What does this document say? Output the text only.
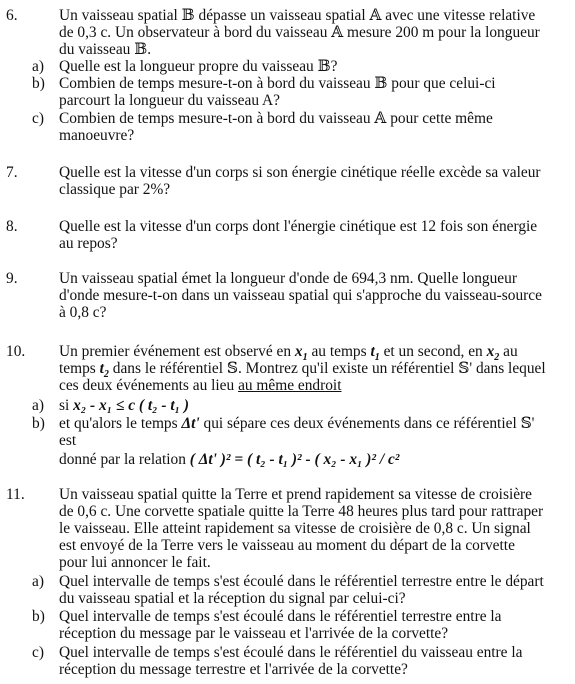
6.	Un vaisseau spatial 𝔹 dépasse un vaisseau spatial 𝔸 avec une vitesse relative
de 0,3 c. Un observateur à bord du vaisseau 𝔸 mesure 200 m pour la longueur
du vaisseau 𝔹.
a) Quelle est la longueur propre du vaisseau 𝔹?
b) Combien de temps mesure-t-on à bord du vaisseau 𝔹 pour que celui-ci
parcourt la longueur du vaisseau A?
c) Combien de temps mesure-t-on à bord du vaisseau 𝔸 pour cette même
manoeuvre?
7.	Quelle est la vitesse d'un corps si son énergie cinétique réelle excède sa valeur
classique par 2%?
8.	Quelle est la vitesse d'un corps dont l'énergie cinétique est 12 fois son énergie
au repos?
9.	Un vaisseau spatial émet la longueur d'onde de 694,3 nm. Quelle longueur
d'onde mesure-t-on dans un vaisseau spatial qui s'approche du vaisseau-source
à 0,8 c?
10. Un premier événement est observé en $x_1$ au temps $t_1$ et un second, en $x_2$ au
temps $t_2$ dans le référentiel 𝕊. Montrez qu'il existe un référentiel 𝕊' dans lequel
ces deux événements au lieu au même endroit
a) si x₂ - x₁ ≤ c ( t₂ - t₁ )
b) et qu'alors le temps Δt' qui sépare ces deux événements dans ce référentiel 𝕊'
est
donné par la relation ( Δt' )² = ( t₂ - t₁ )² - ( x₂ - x₁ )² / c²
11. Un vaisseau spatial quitte la Terre et prend rapidement sa vitesse de croisière
de 0,6 c. Une corvette spatiale quitte la Terre 48 heures plus tard pour rattraper
le vaisseau. Elle atteint rapidement sa vitesse de croisière de 0,8 c. Un signal
est envoyé de la Terre vers le vaisseau au moment du départ de la corvette
pour lui annoncer le fait.
a) Quel intervalle de temps s'est écoulé dans le référentiel terrestre entre le départ
du vaisseau spatial et la réception du signal par celui-ci?
b) Quel intervalle de temps s'est écoulé dans le référentiel terrestre entre la
réception du message par le vaisseau et l'arrivée de la corvette?
c) Quel intervalle de temps s'est écoulé dans le référentiel du vaisseau entre la
réception du message terrestre et l'arrivée de la corvette?
